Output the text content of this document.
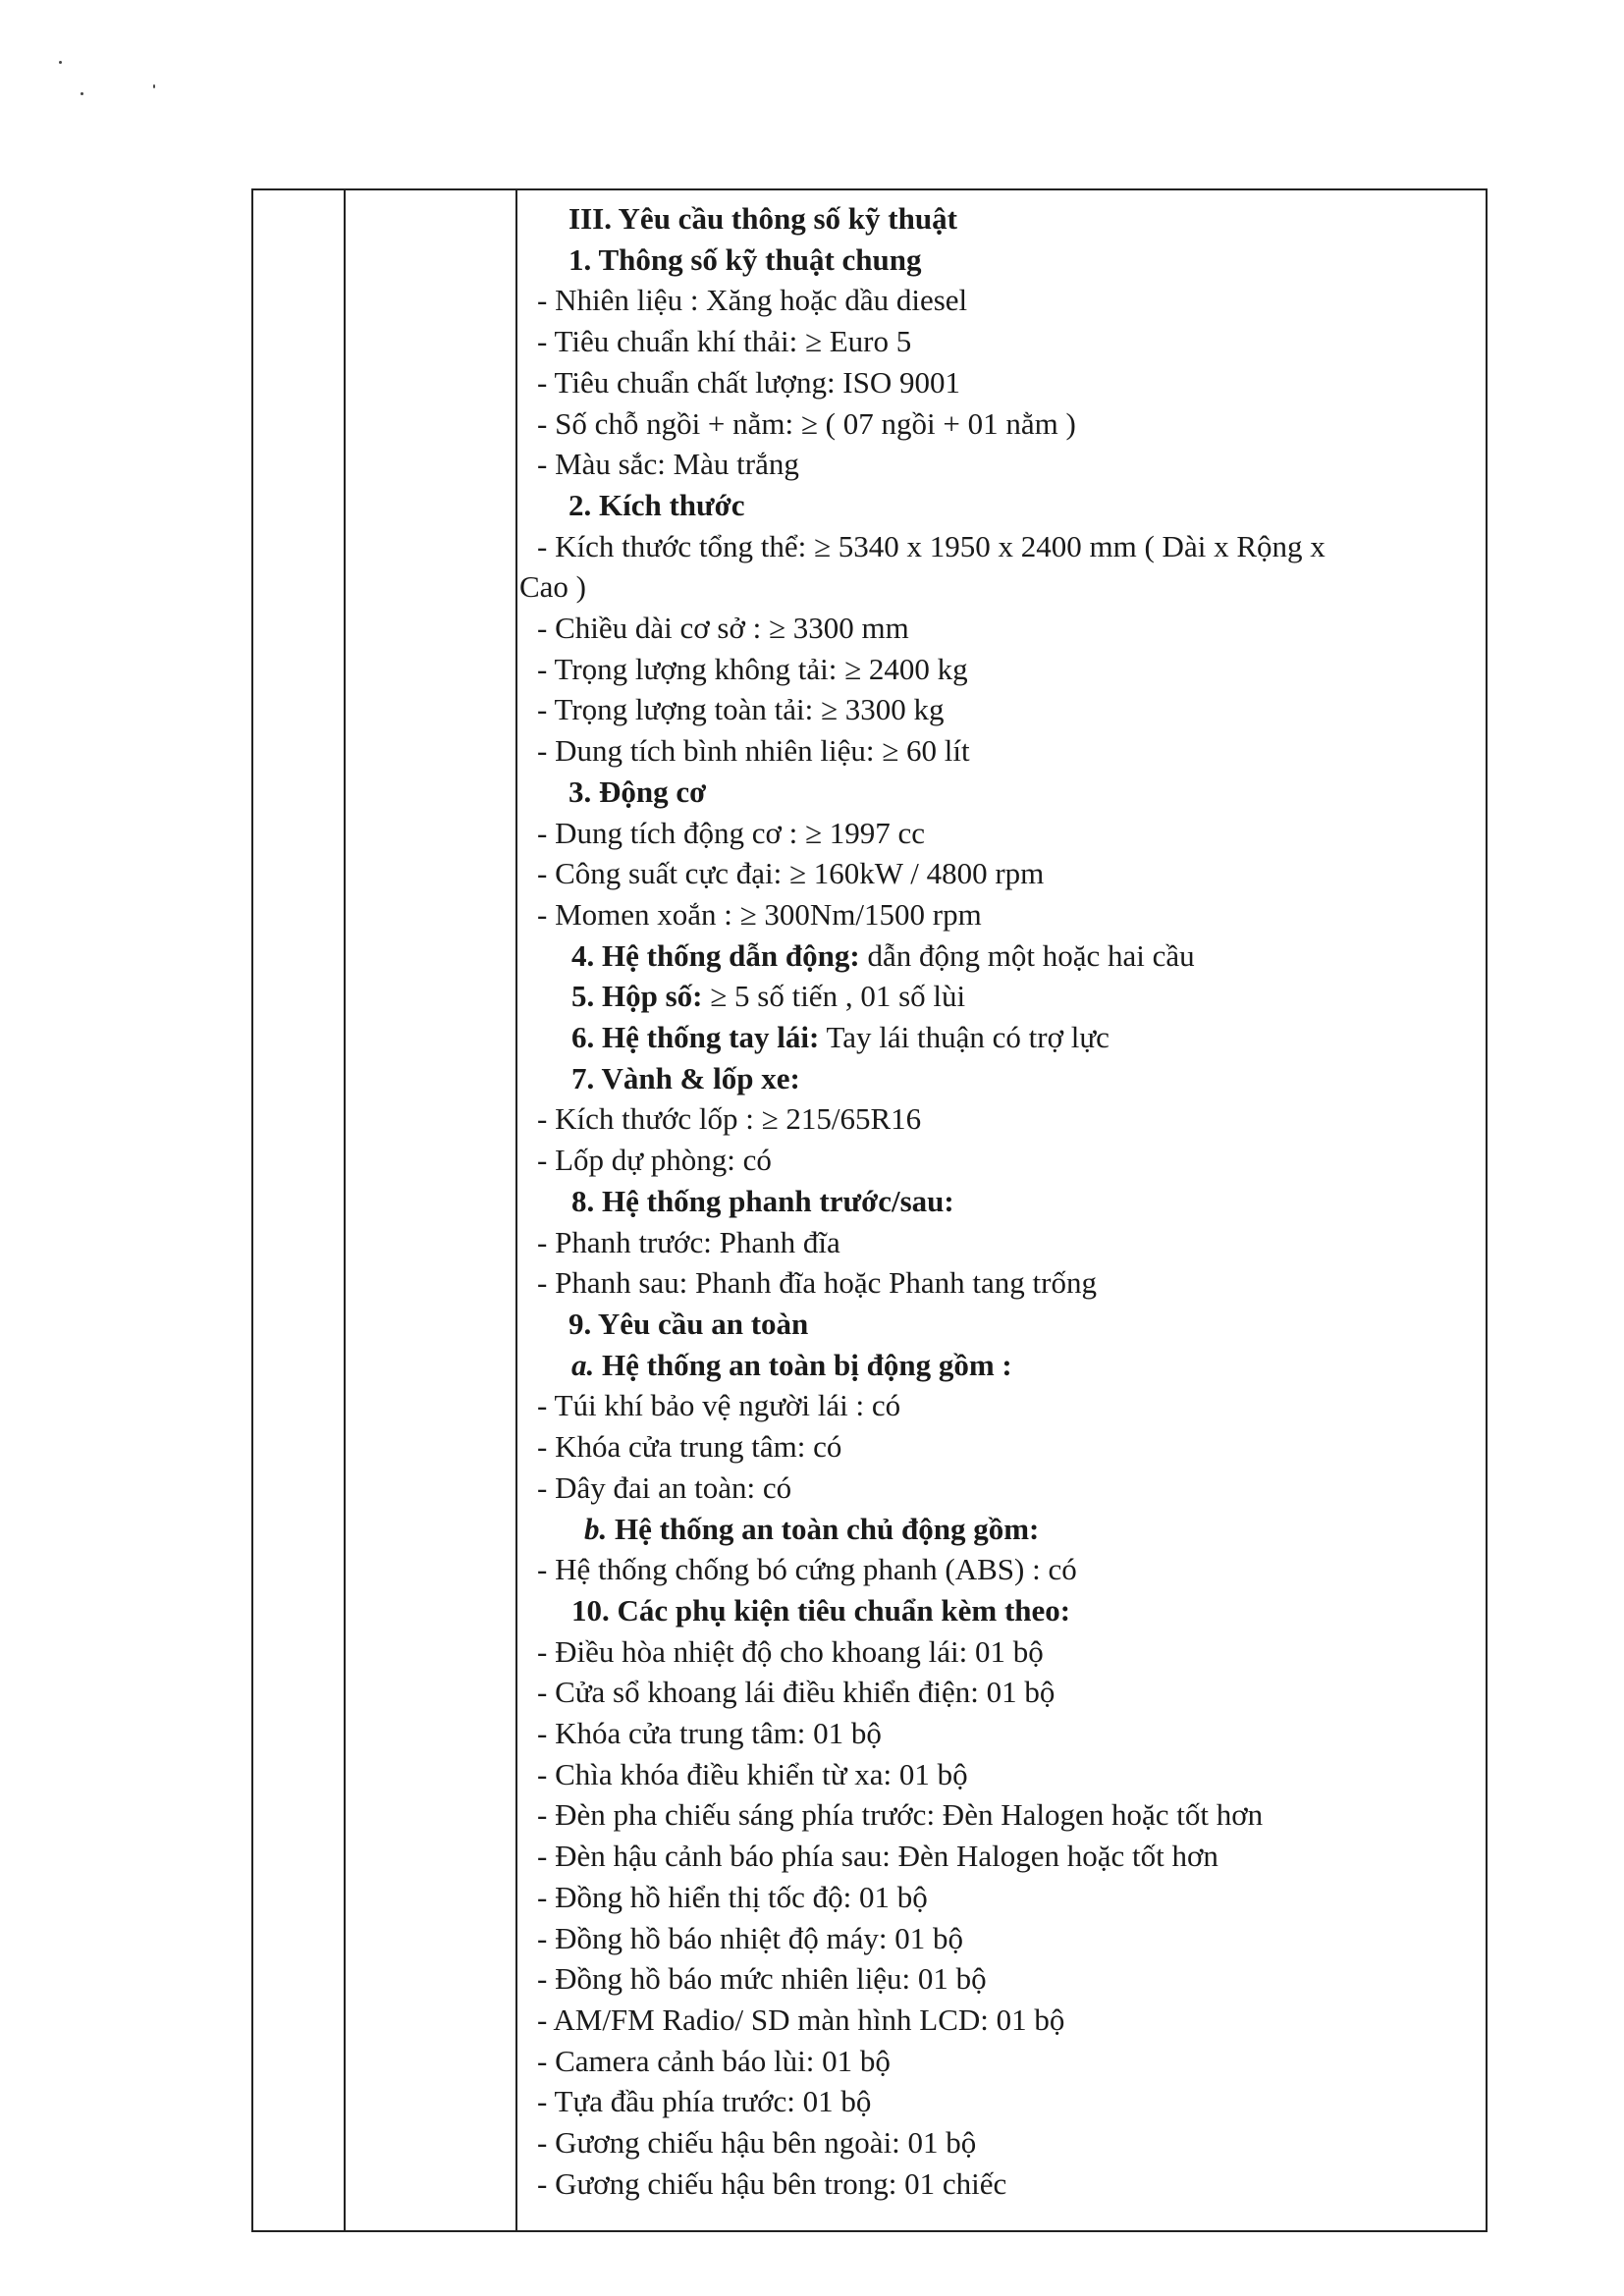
III. Yêu cầu thông số kỹ thuật
1. Thông số kỹ thuật chung
- Nhiên liệu : Xăng hoặc dầu diesel
- Tiêu chuẩn khí thải: ≥ Euro 5
- Tiêu chuẩn chất lượng: ISO 9001
- Số chỗ ngồi + nằm: ≥ ( 07 ngồi + 01 nằm )
- Màu sắc: Màu trắng
2. Kích thước
- Kích thước tổng thể: ≥ 5340 x 1950 x 2400 mm ( Dài x Rộng x
Cao )
- Chiều dài cơ sở : ≥ 3300 mm
- Trọng lượng không tải: ≥ 2400 kg
- Trọng lượng toàn tải: ≥ 3300 kg
- Dung tích bình nhiên liệu: ≥ 60 lít
3. Động cơ
- Dung tích động cơ : ≥ 1997 cc
- Công suất cực đại: ≥ 160kW / 4800 rpm
- Momen xoắn : ≥ 300Nm/1500 rpm
4. Hệ thống dẫn động: dẫn động một hoặc hai cầu
5. Hộp số: ≥ 5 số tiến , 01 số lùi
6. Hệ thống tay lái: Tay lái thuận có trợ lực
7. Vành & lốp xe:
- Kích thước lốp : ≥ 215/65R16
- Lốp dự phòng: có
8. Hệ thống phanh trước/sau:
- Phanh trước: Phanh đĩa
- Phanh sau: Phanh đĩa hoặc Phanh tang trống
9. Yêu cầu an toàn
a. Hệ thống an toàn bị động gồm :
- Túi khí bảo vệ người lái : có
- Khóa cửa trung tâm: có
- Dây đai an toàn: có
b. Hệ thống an toàn chủ động gồm:
- Hệ thống chống bó cứng phanh (ABS) : có
10. Các phụ kiện tiêu chuẩn kèm theo:
- Điều hòa nhiệt độ cho khoang lái: 01 bộ
- Cửa sổ khoang lái điều khiển điện: 01 bộ
- Khóa cửa trung tâm: 01 bộ
- Chìa khóa điều khiển từ xa: 01 bộ
- Đèn pha chiếu sáng phía trước: Đèn Halogen hoặc tốt hơn
- Đèn hậu cảnh báo phía sau: Đèn Halogen hoặc tốt hơn
- Đồng hồ hiển thị tốc độ: 01 bộ
- Đồng hồ báo nhiệt độ máy: 01 bộ
- Đồng hồ báo mức nhiên liệu: 01 bộ
- AM/FM Radio/ SD màn hình LCD: 01 bộ
- Camera cảnh báo lùi: 01 bộ
- Tựa đầu phía trước: 01 bộ
- Gương chiếu hậu bên ngoài: 01 bộ
- Gương chiếu hậu bên trong: 01 chiếc
